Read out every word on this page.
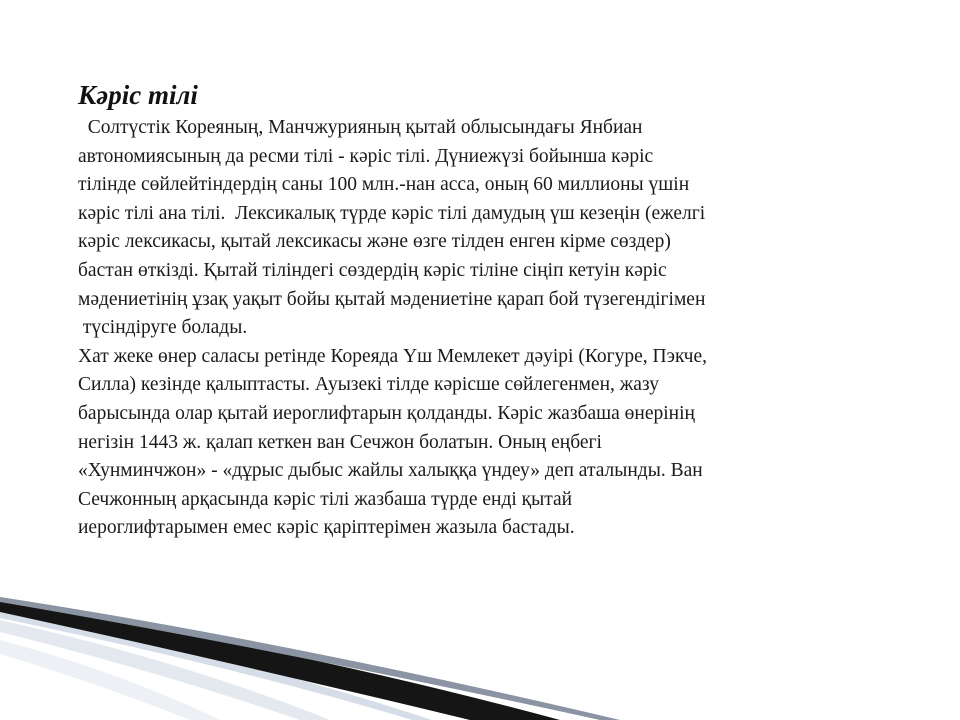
Кәріс тілі
Солтүстік Кореяның, Манчжурияның қытай облысындағы Янбиан
автономиясының да ресми тілі - кәріс тілі. Дүниежүзі бойынша кәріс
тілінде сөйлейтіндердің саны 100 млн.-нан асса, оның 60 миллионы үшін
кәріс тілі ана тілі.  Лексикалық түрде кәріс тілі дамудың үш кезеңін (ежелгі
кәріс лексикасы, қытай лексикасы және өзге тілден енген кірме сөздер)
бастан өткізді. Қытай тіліндегі сөздердің кәріс тіліне сіңіп кетуін кәріс
мәдениетінің ұзақ уақыт бойы қытай мәдениетіне қарап бой түзегендігімен
түсіндіруге болады.
Хат жеке өнер саласы ретінде Кореяда Үш Мемлекет дәуірі (Когуре, Пэкче,
Силла) кезінде қалыптасты. Ауызекі тілде кәрісше сөйлегенмен, жазу
барысында олар қытай иероглифтарын қолданды. Кәріс жазбаша өнерінің
негізін 1443 ж. қалап кеткен ван Сечжон болатын. Оның еңбегі
«Хунминчжон» - «дұрыс дыбыс жайлы халыққа үндеу» деп аталынды. Ван
Сечжонның арқасында кәріс тілі жазбаша түрде енді қытай
иероглифтарымен емес кәріс қаріптерімен жазыла бастады.
